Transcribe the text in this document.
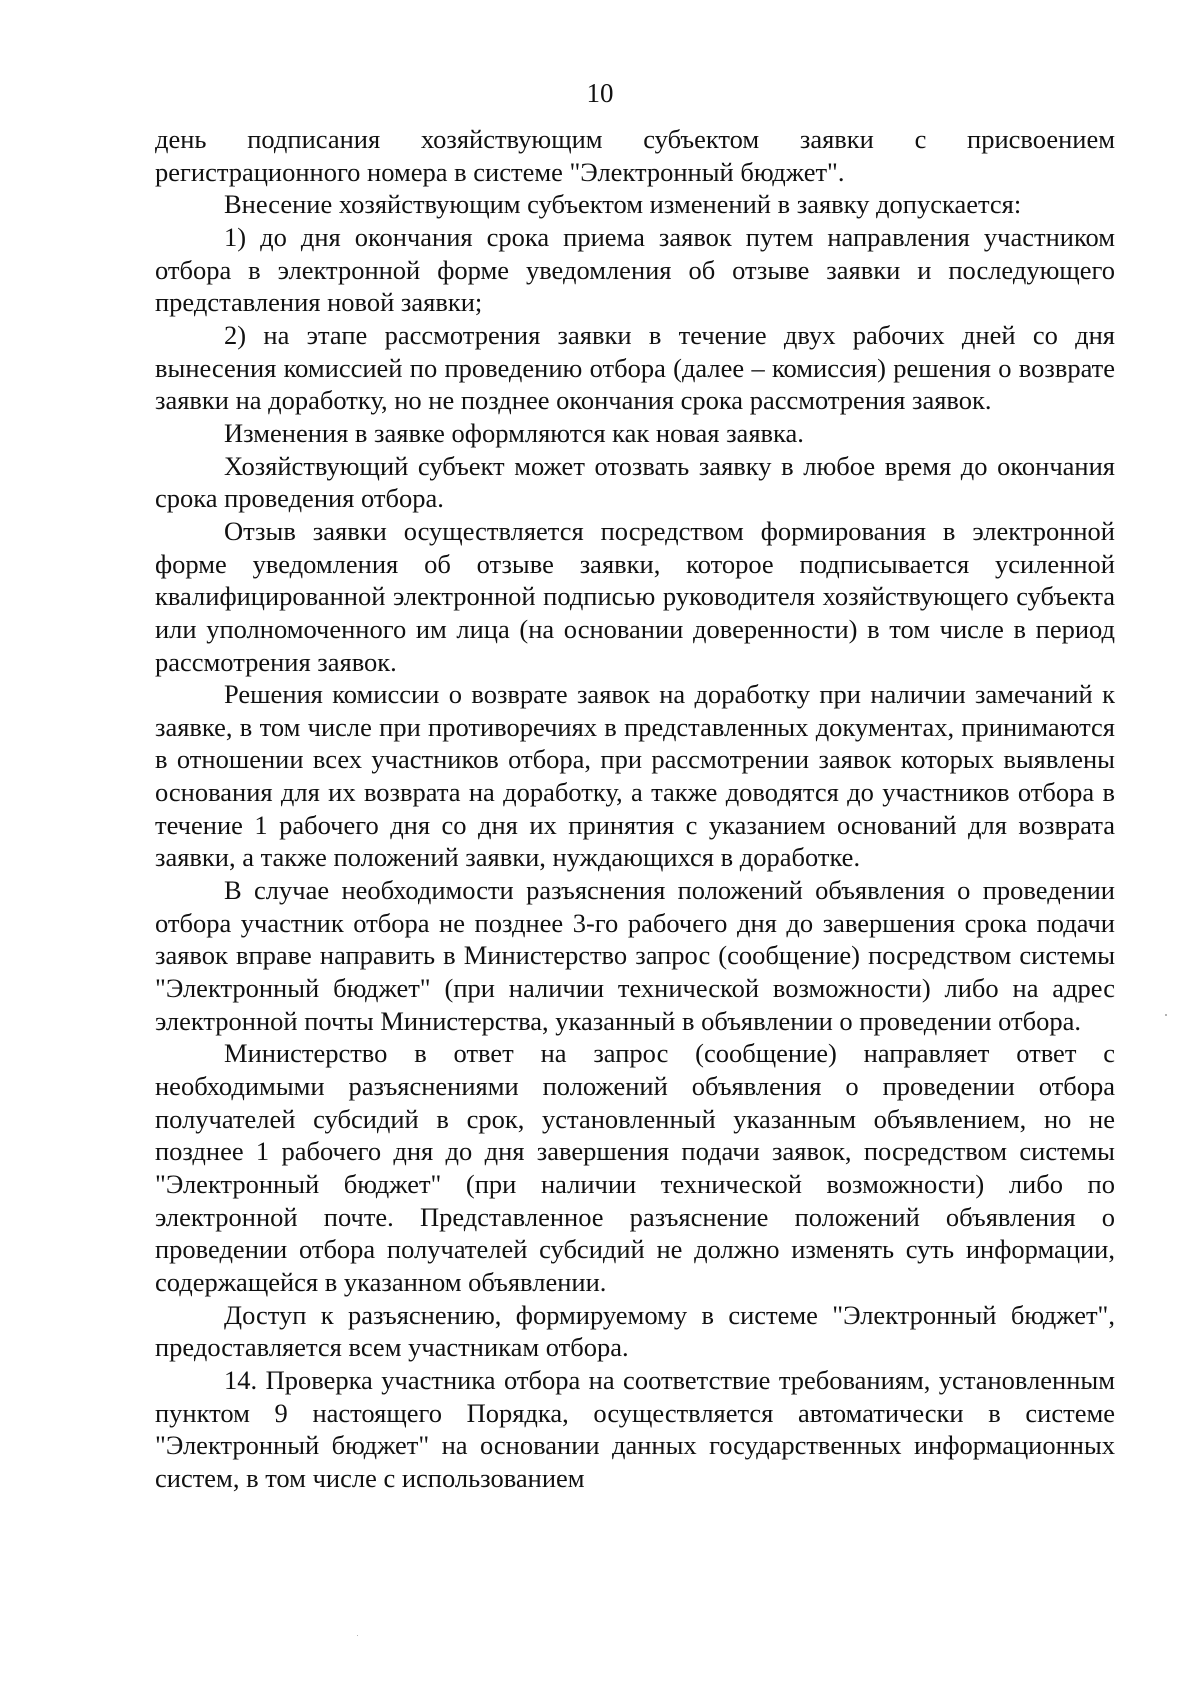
10

день подписания хозяйствующим субъектом заявки с присвоением регистрационного номера в системе "Электронный бюджет".

Внесение хозяйствующим субъектом изменений в заявку допускается:

1) до дня окончания срока приема заявок путем направления участником отбора в электронной форме уведомления об отзыве заявки и последующего представления новой заявки;

2) на этапе рассмотрения заявки в течение двух рабочих дней со дня вынесения комиссией по проведению отбора (далее – комиссия) решения о возврате заявки на доработку, но не позднее окончания срока рассмотрения заявок.

Изменения в заявке оформляются как новая заявка.

Хозяйствующий субъект может отозвать заявку в любое время до окончания срока проведения отбора.

Отзыв заявки осуществляется посредством формирования в электронной форме уведомления об отзыве заявки, которое подписывается усиленной квалифицированной электронной подписью руководителя хозяйствующего субъекта или уполномоченного им лица (на основании доверенности) в том числе в период рассмотрения заявок.

Решения комиссии о возврате заявок на доработку при наличии замечаний к заявке, в том числе при противоречиях в представленных документах, принимаются в отношении всех участников отбора, при рассмотрении заявок которых выявлены основания для их возврата на доработку, а также доводятся до участников отбора в течение 1 рабочего дня со дня их принятия с указанием оснований для возврата заявки, а также положений заявки, нуждающихся в доработке.

В случае необходимости разъяснения положений объявления о проведении отбора участник отбора не позднее 3-го рабочего дня до завершения срока подачи заявок вправе направить в Министерство запрос (сообщение) посредством системы "Электронный бюджет" (при наличии технической возможности) либо на адрес электронной почты Министерства, указанный в объявлении о проведении отбора.

Министерство в ответ на запрос (сообщение) направляет ответ с необходимыми разъяснениями положений объявления о проведении отбора получателей субсидий в срок, установленный указанным объявлением, но не позднее 1 рабочего дня до дня завершения подачи заявок, посредством системы "Электронный бюджет" (при наличии технической возможности) либо по электронной почте. Представленное разъяснение положений объявления о проведении отбора получателей субсидий не должно изменять суть информации, содержащейся в указанном объявлении.

Доступ к разъяснению, формируемому в системе "Электронный бюджет", предоставляется всем участникам отбора.

14. Проверка участника отбора на соответствие требованиям, установленным пунктом 9 настоящего Порядка, осуществляется автоматически в системе "Электронный бюджет" на основании данных государственных информационных систем, в том числе с использованием
